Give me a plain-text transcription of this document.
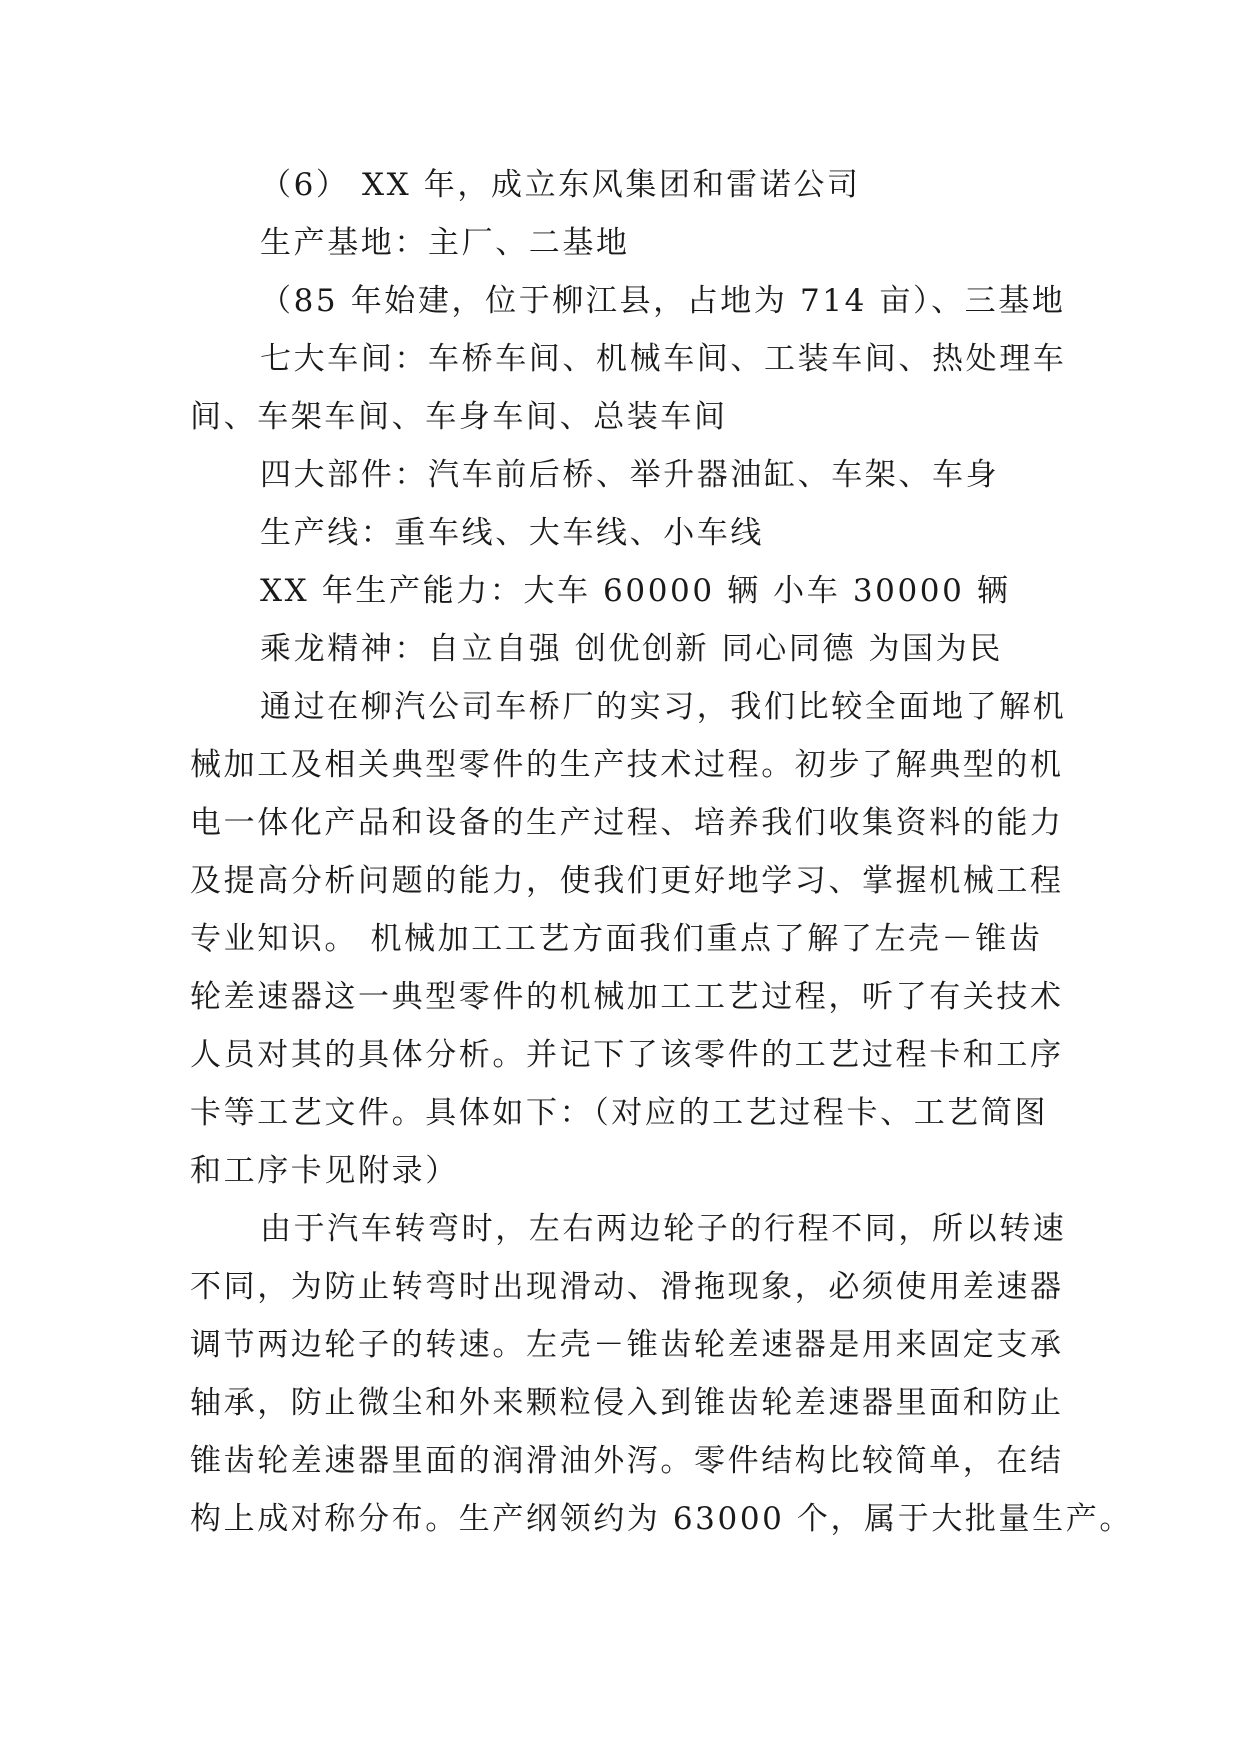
（6） XX 年，成立东风集团和雷诺公司
生产基地：主厂、二基地
（85 年始建，位于柳江县，占地为 714 亩）、三基地
七大车间：车桥车间、机械车间、工装车间、热处理车
间、车架车间、车身车间、总装车间
四大部件：汽车前后桥、举升器油缸、车架、车身
生产线：重车线、大车线、小车线
XX 年生产能力：大车 60000 辆 小车 30000 辆
乘龙精神：自立自强 创优创新 同心同德 为国为民
通过在柳汽公司车桥厂的实习，我们比较全面地了解机
械加工及相关典型零件的生产技术过程。初步了解典型的机
电一体化产品和设备的生产过程、培养我们收集资料的能力
及提高分析问题的能力，使我们更好地学习、掌握机械工程
专业知识。 机械加工工艺方面我们重点了解了左壳－锥齿
轮差速器这一典型零件的机械加工工艺过程，听了有关技术
人员对其的具体分析。并记下了该零件的工艺过程卡和工序
卡等工艺文件。具体如下：（对应的工艺过程卡、工艺简图
和工序卡见附录）
由于汽车转弯时，左右两边轮子的行程不同，所以转速
不同，为防止转弯时出现滑动、滑拖现象，必须使用差速器
调节两边轮子的转速。左壳－锥齿轮差速器是用来固定支承
轴承，防止微尘和外来颗粒侵入到锥齿轮差速器里面和防止
锥齿轮差速器里面的润滑油外泻。零件结构比较简单，在结
构上成对称分布。生产纲领约为 63000 个，属于大批量生产。
